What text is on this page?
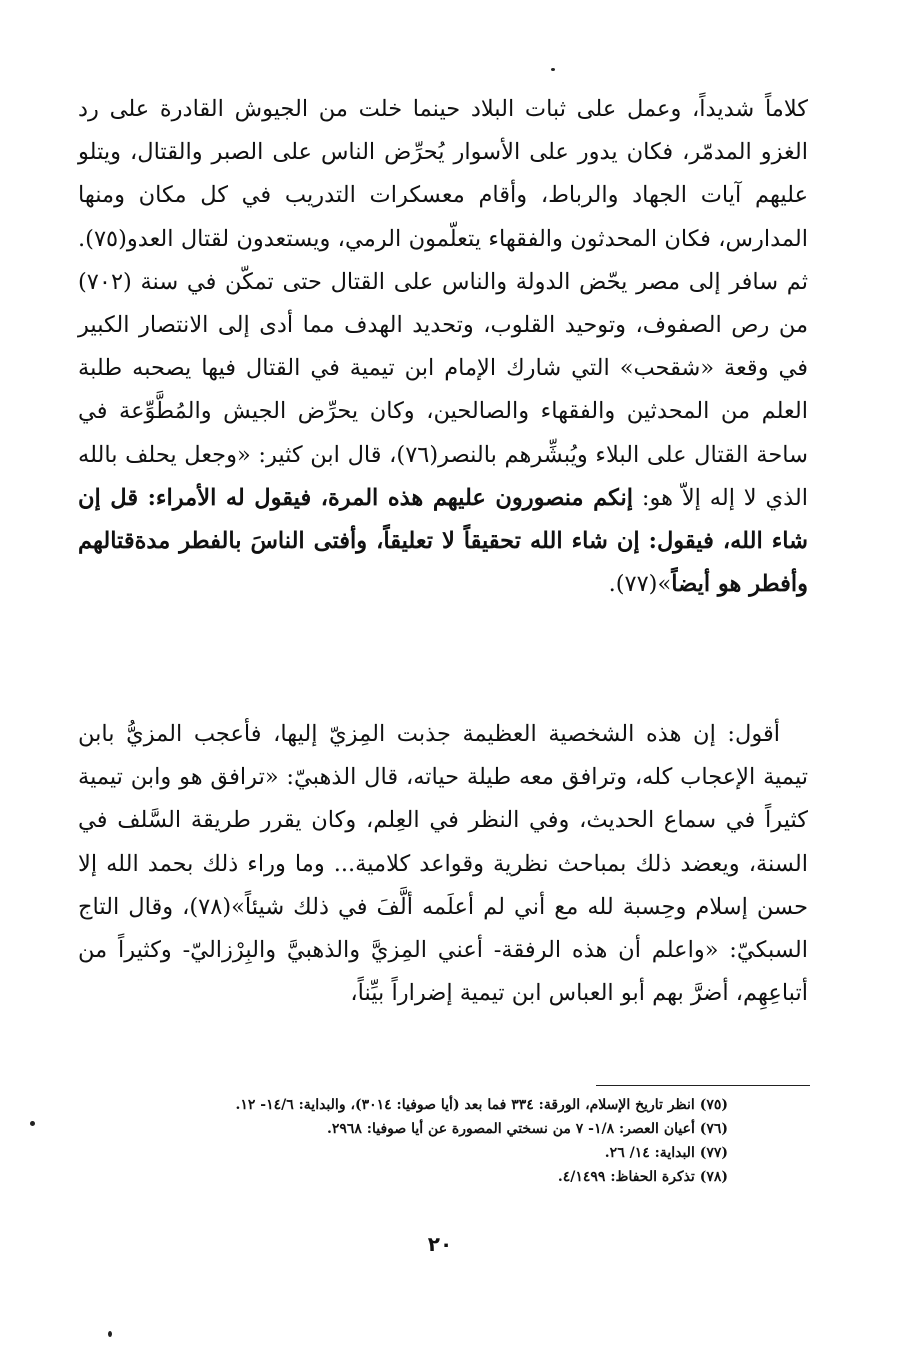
كلاماً شديداً، وعمل على ثبات البلاد حينما خلت من الجيوش القادرة على رد الغزو المدمّر، فكان يدور على الأسوار يُحرِّض الناس على الصبر والقتال، ويتلو عليهم آيات الجهاد والرباط، وأقام معسكرات التدريب في كل مكان ومنها المدارس، فكان المحدثون والفقهاء يتعلّمون الرمي، ويستعدون لقتال العدو(٧٥). ثم سافر إلى مصر يحّض الدولة والناس على القتال حتى تمكّن في سنة (٧٠٢) من رص الصفوف، وتوحيد القلوب، وتحديد الهدف مما أدى إلى الانتصار الكبير في وقعة «شقحب» التي شارك الإمام ابن تيمية في القتال فيها يصحبه طلبة العلم من المحدثين والفقهاء والصالحين، وكان يحرِّض الجيش والمُطَّوِّعة في ساحة القتال على البلاء ويُبشِّرهم بالنصر(٧٦)، قال ابن كثير: «وجعل يحلف بالله الذي لا إله إلاّ هو: إنكم منصورون عليهم هذه المرة، فيقول له الأمراء: قل إن شاء الله، فيقول: إن شاء الله تحقيقاً لا تعليقاً، وأفتى الناسَ بالفطر مدةقتالهم وأفطر هو أيضاً»(٧٧).
أقول: إن هذه الشخصية العظيمة جذبت المِزيّ إليها، فأعجب المزيُّ بابن تيمية الإعجاب كله، وترافق معه طيلة حياته، قال الذهبيّ: «ترافق هو وابن تيمية كثيراً في سماع الحديث، وفي النظر في العِلم، وكان يقرر طريقة السَّلف في السنة، ويعضد ذلك بمباحث نظرية وقواعد كلامية... وما وراء ذلك بحمد الله إلا حسن إسلام وحِسبة لله مع أني لم أعلَمه ألَّفَ في ذلك شيئاً»(٧٨)، وقال التاج السبكيّ: «واعلم أن هذه الرفقة- أعني المِزيَّ والذهبيَّ والبِرْزاليّ- وكثيراً من أتباعِهِم، أضرَّ بهم أبو العباس ابن تيمية إضراراً بيِّناً،
(٧٥) انظر تاريخ الإسلام، الورقة: ٣٣٤ فما بعد (أيا صوفيا: ٣٠١٤)، والبداية: ١٤/٦- ١٢.
(٧٦) أعيان العصر: ١/٨- ٧ من نسختي المصورة عن أيا صوفيا: ٢٩٦٨.
(٧٧) البداية: ١٤/ ٢٦.
(٧٨) تذكرة الحفاظ: ٤/١٤٩٩.
٢٠
